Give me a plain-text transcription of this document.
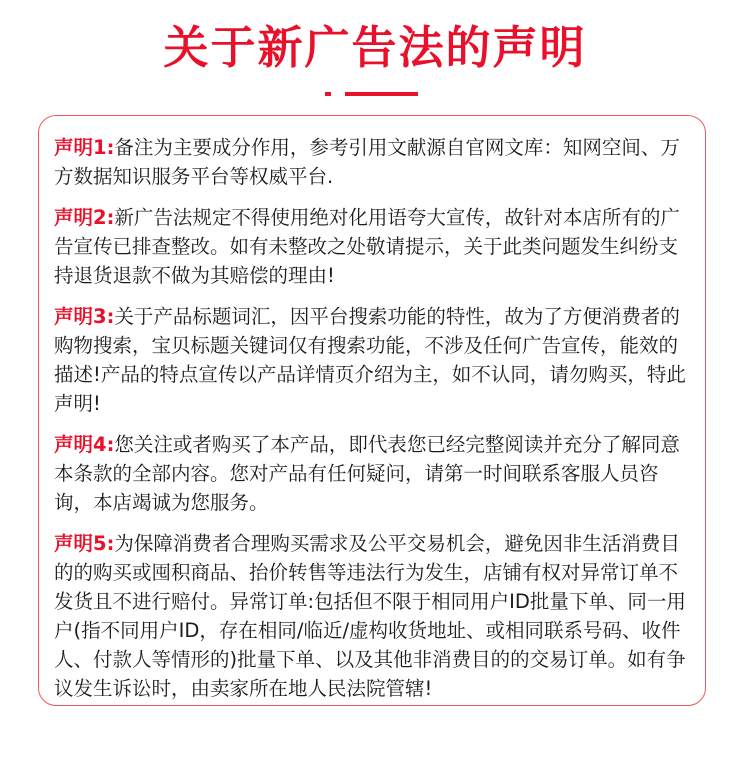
关于新广告法的声明

声明1:备注为主要成分作用，参考引用文献源自官网文库：知网空间、万方数据知识服务平台等权威平台.

声明2:新广告法规定不得使用绝对化用语夸大宣传，故针对本店所有的广告宣传已排查整改。如有未整改之处敬请提示，关于此类问题发生纠纷支持退货退款不做为其赔偿的理由!

声明3:关于产品标题词汇，因平台搜索功能的特性，故为了方便消费者的购物搜索，宝贝标题关键词仅有搜索功能，不涉及任何广告宣传，能效的描述!产品的特点宣传以产品详情页介绍为主，如不认同，请勿购买，特此声明!

声明4:您关注或者购买了本产品，即代表您已经完整阅读并充分了解同意本条款的全部内容。您对产品有任何疑问，请第一时间联系客服人员咨询，本店竭诚为您服务。

声明5:为保障消费者合理购买需求及公平交易机会，避免因非生活消费目的的购买或囤积商品、抬价转售等违法行为发生，店铺有权对异常订单不发货且不进行赔付。异常订单:包括但不限于相同用户ID批量下单、同一用户(指不同用户ID，存在相同/临近/虚构收货地址、或相同联系号码、收件人、付款人等情形的)批量下单、以及其他非消费目的的交易订单。如有争议发生诉讼时，由卖家所在地人民法院管辖!
